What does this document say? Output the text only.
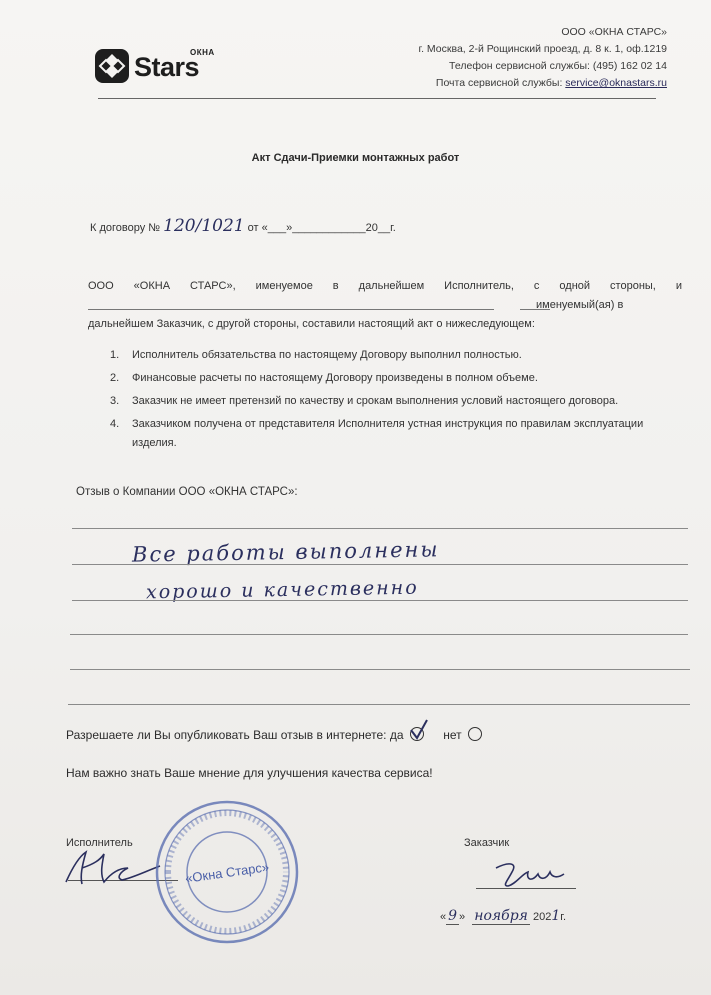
ОКНА
Stars
ООО «ОКНА СТАРС»
г. Москва, 2-й Рощинский проезд, д. 8 к. 1, оф.1219
Телефон сервисной службы: (495) 162 02 14
Почта сервисной службы: service@oknastars.ru
Акт Сдачи-Приемки монтажных работ
К договору № 120/1021 от «___»____________20__г.
ООО «ОКНА СТАРС», именуемое в дальнейшем Исполнитель, с одной стороны, и
именуемый(ая) в
дальнейшем Заказчик, с другой стороны, составили настоящий акт о нижеследующем:
1.	Исполнитель обязательства по настоящему Договору выполнил полностью.
2.	Финансовые расчеты по настоящему Договору произведены в полном объеме.
3.	Заказчик не имеет претензий по качеству и срокам выполнения условий настоящего договора.
4.	Заказчиком получена от представителя Исполнителя устная инструкция по правилам эксплуатации изделия.
Отзыв о Компании ООО «ОКНА СТАРС»:
Все работы выполнены
хорошо и качественно
Разрешаете ли Вы опубликовать Ваш отзыв в интернете: да	нет
Нам важно знать Ваше мнение для улучшения качества сервиса!
Исполнитель
«Окна Старс»
Заказчик
« 9 » ноября 2021г.
